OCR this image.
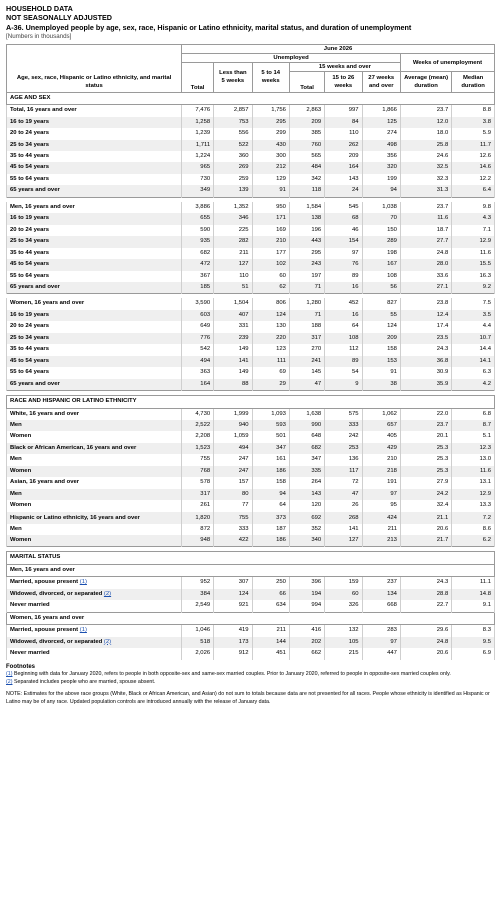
HOUSEHOLD DATA
NOT SEASONALLY ADJUSTED
A-36. Unemployed people by age, sex, race, Hispanic or Latino ethnicity, marital status, and duration of unemployment
[Numbers in thousands]
	June 2026							
	Unemployed						Weeks of unemployment	
	Total	Less than 5 weeks	5 to 14 weeks	15 weeks and over				
Age, sex, race, Hispanic or Latino ethnicity, and marital status				Total	15 to 26 weeks	27 weeks and over	Average (mean) duration	Median duration
AGE AND SEX								
Total, 16 years and over	7,476	2,857	1,756	2,863	997	1,866	23.7	8.8
16 to 19 years	1,258	753	295	209	84	125	12.0	3.8
20 to 24 years	1,239	556	299	385	110	274	18.0	5.9
25 to 34 years	1,711	522	430	760	262	498	25.8	11.7
35 to 44 years	1,224	360	300	565	209	356	24.6	12.6
45 to 54 years	965	269	212	484	164	320	32.5	14.6
55 to 64 years	730	259	129	342	143	199	32.3	12.2
65 years and over	349	139	91	118	24	94	31.3	6.4

Men, 16 years and over	3,886	1,352	950	1,584	545	1,038	23.7	9.8
16 to 19 years	655	346	171	138	68	70	11.6	4.3
20 to 24 years	590	225	169	196	46	150	18.7	7.1
25 to 34 years	935	282	210	443	154	289	27.7	12.9
35 to 44 years	682	211	177	295	97	198	24.8	11.6
45 to 54 years	472	127	102	243	76	167	28.0	15.5
55 to 64 years	367	110	60	197	89	108	33.6	16.3
65 years and over	185	51	62	71	16	56	27.1	9.2

Women, 16 years and over	3,590	1,504	806	1,280	452	827	23.8	7.5
16 to 19 years	603	407	124	71	16	55	12.4	3.5
20 to 24 years	649	331	130	188	64	124	17.4	4.4
25 to 34 years	776	239	220	317	108	209	23.5	10.7
35 to 44 years	542	149	123	270	112	158	24.3	14.4
45 to 54 years	494	141	111	241	89	153	36.8	14.1
55 to 64 years	363	149	69	145	54	91	30.9	6.3
65 years and over	164	88	29	47	9	38	35.9	4.2

RACE AND HISPANIC OR LATINO ETHNICITY								
White, 16 years and over	4,730	1,999	1,093	1,638	575	1,062	22.0	6.8
Men	2,522	940	593	990	333	657	23.7	8.7
Women	2,208	1,059	501	648	242	405	20.1	5.1
Black or African American, 16 years and over	1,523	494	347	682	253	429	25.3	12.3
Men	755	247	161	347	136	210	25.3	13.0
Women	768	247	186	335	117	218	25.3	11.6
Asian, 16 years and over	578	157	158	264	72	191	27.9	13.1
Men	317	80	94	143	47	97	24.2	12.9
Women	261	77	64	120	26	95	32.4	13.3
Hispanic or Latino ethnicity, 16 years and over	1,820	755	373	692	268	424	21.1	7.2
Men	872	333	187	352	141	211	20.6	8.6
Women	948	422	186	340	127	213	21.7	6.2

MARITAL STATUS								
Men, 16 years and over								
Married, spouse present (1)	952	307	250	396	159	237	24.3	11.1
Widowed, divorced, or separated (2)	384	124	66	194	60	134	28.8	14.8
Never married	2,549	921	634	994	326	668	22.7	9.1
Women, 16 years and over								
Married, spouse present (1)	1,046	419	211	416	132	283	29.6	8.3
Widowed, divorced, or separated (2)	518	173	144	202	105	97	24.8	9.5
Never married	2,026	912	451	662	215	447	20.6	6.9
Footnotes
(1) Beginning with data for January 2020, refers to people in both opposite-sex and same-sex married couples. Prior to January 2020, referred to people in opposite-sex married couples only.
(2) Separated includes people who are married, spouse absent.
NOTE: Estimates for the above race groups (White, Black or African American, and Asian) do not sum to totals because data are not presented for all races. People whose ethnicity is identified as Hispanic or Latino may be of any race. Updated population controls are introduced annually with the release of January data.
